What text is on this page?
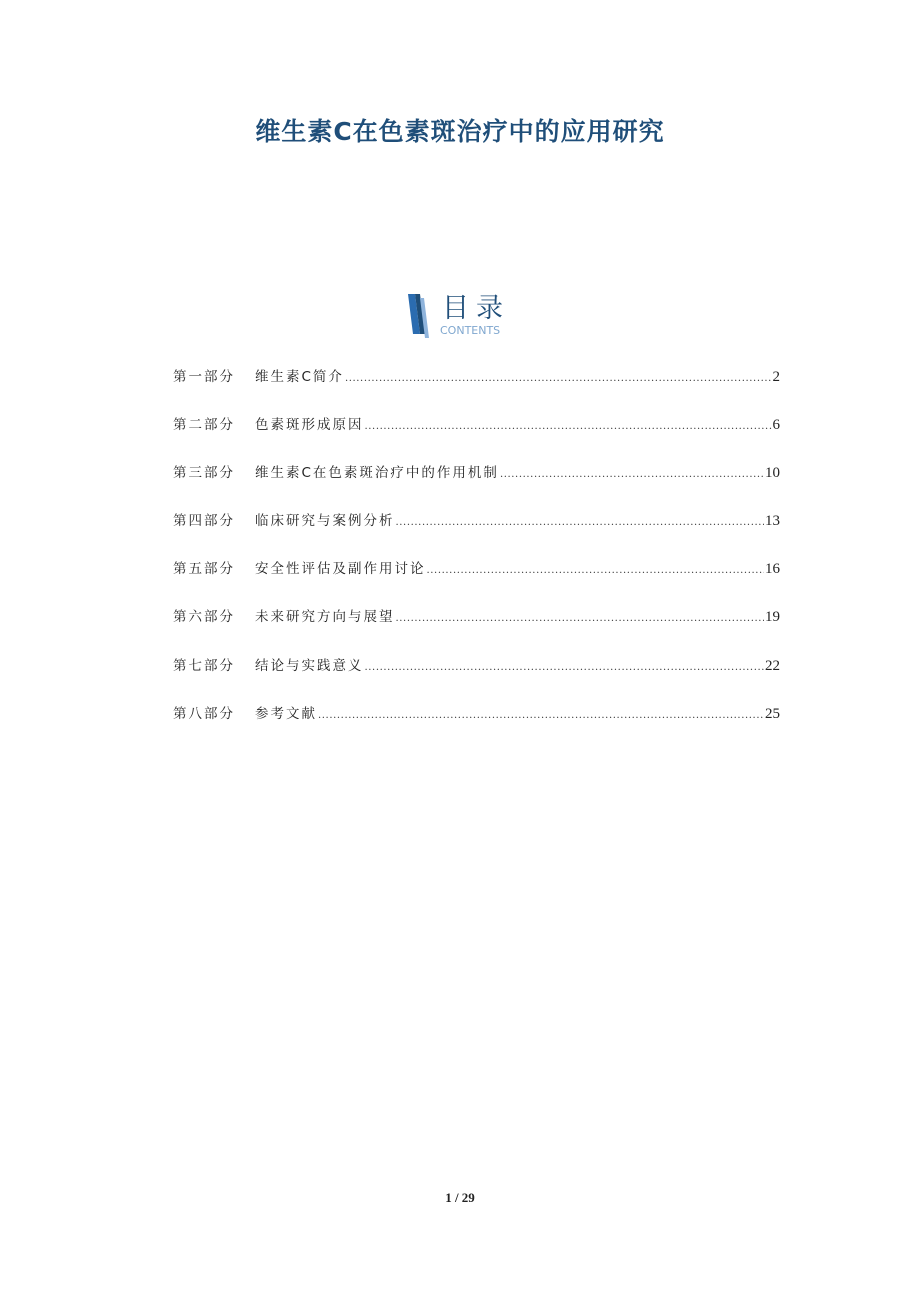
维生素C在色素斑治疗中的应用研究
目录
CONTENTS
第一部分	维生素C简介 .....	2
第二部分	色素斑形成原因 .....	6
第三部分	维生素C在色素斑治疗中的作用机制 .....	10
第四部分	临床研究与案例分析 .....	13
第五部分	安全性评估及副作用讨论 .....	16
第六部分	未来研究方向与展望 .....	19
第七部分	结论与实践意义 .....	22
第八部分	参考文献 .....	25
1 / 29
